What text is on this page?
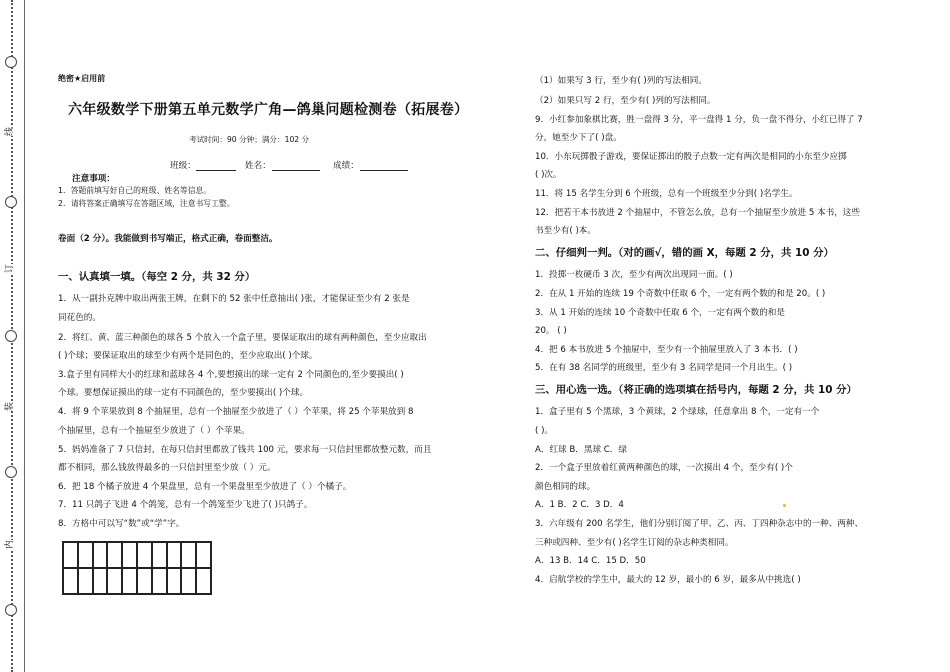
线
订
装
内
绝密★启用前
六年级数学下册第五单元数学广角—鸽巢问题检测卷（拓展卷）
考试时间：90 分钟；满分：102 分
班级：	姓名：	成绩：
注意事项：
1．答题前填写好自己的班级、姓名等信息。
2．请将答案正确填写在答题区域，注意书写工整。
卷面（2 分）。我能做到书写端正，格式正确，卷面整洁。
一、认真填一填。（每空 2 分，共 32 分）
1．从一副扑克牌中取出两张王牌，在剩下的 52 张中任意抽出( )张，才能保证至少有 2 张是
同花色的。
2．将红、黄、蓝三种颜色的球各 5 个放入一个盒子里，要保证取出的球有两种颜色，至少应取出
( )个球；要保证取出的球至少有两个是同色的，至少应取出( )个球。
3.盒子里有同样大小的红球和蓝球各 4 个,要想摸出的球一定有 2 个同颜色的,至少要摸出( )
个球。要想保证摸出的球一定有不同颜色的，至少要摸出( )个球。
4．将 9 个苹果放到 8 个抽屉里，总有一个抽屉至少放进了（ ）个苹果，将 25 个苹果放到 8
个抽屉里，总有一个抽屉至少放进了（ ）个苹果。
5．妈妈准备了 7 只信封，在每只信封里都放了钱共 100 元，要求每一只信封里都放整元数，而且
都不相同，那么钱放得最多的一只信封里至少放（ ）元。
6．把 18 个橘子放进 4 个果盘里，总有一个果盘里至少放进了（ ）个橘子。
7．11 只鸽子飞进 4 个鸽笼，总有一个鸽笼至少飞进了( )只鸽子。
8．方格中可以写“数”或“学”字。
（1）如果写 3 行，至少有( )列的写法相同。
（2）如果只写 2 行，至少有( )列的写法相同。
9．小红参加象棋比赛，胜一盘得 3 分，平一盘得 1 分，负一盘不得分，小红已得了 7
分，她至少下了( )盘。
10．小东玩掷骰子游戏，要保证掷出的骰子点数一定有两次是相同的小东至少应掷
( )次。
11．将 15 名学生分到 6 个班级，总有一个班级至少分到( )名学生。
12．把若干本书放进 2 个抽屉中，不管怎么放，总有一个抽屉至少放进 5 本书，这些
书至少有( )本。
二、仔细判一判。（对的画√，错的画 X，每题 2 分，共 10 分）
1．投掷一枚硬币 3 次，至少有两次出现同一面。( )
2．在从 1 开始的连续 19 个奇数中任取 6 个，一定有两个数的和是 20。( )
3．从 1 开始的连续 10 个奇数中任取 6 个，一定有两个数的和是
20。 ( )
4．把 6 本书放进 5 个抽屉中，至少有一个抽屉里放入了 3 本书．( )
5．在有 38 名同学的班级里，至少有 3 名同学是同一个月出生。( )
三、用心选一选。（将正确的选项填在括号内，每题 2 分，共 10 分）
1．盒子里有 5 个黑球，3 个黄球，2 个绿球，任意拿出 8 个，一定有一个
( )。
A．红球 B．黑球 C．绿
2．一个盒子里放着红黄两种颜色的球，一次摸出 4 个，至少有( )个
颜色相同的球。
A．1 B．2 C．3 D．4
3．六年级有 200 名学生，他们分别订阅了甲、乙、丙、丁四种杂志中的一种、两种、
三种或四种、至少有( )名学生订阅的杂志种类相同。
A．13 B．14 C．15 D．50
4．启航学校的学生中，最大的 12 岁，最小的 6 岁，最多从中挑选( )
